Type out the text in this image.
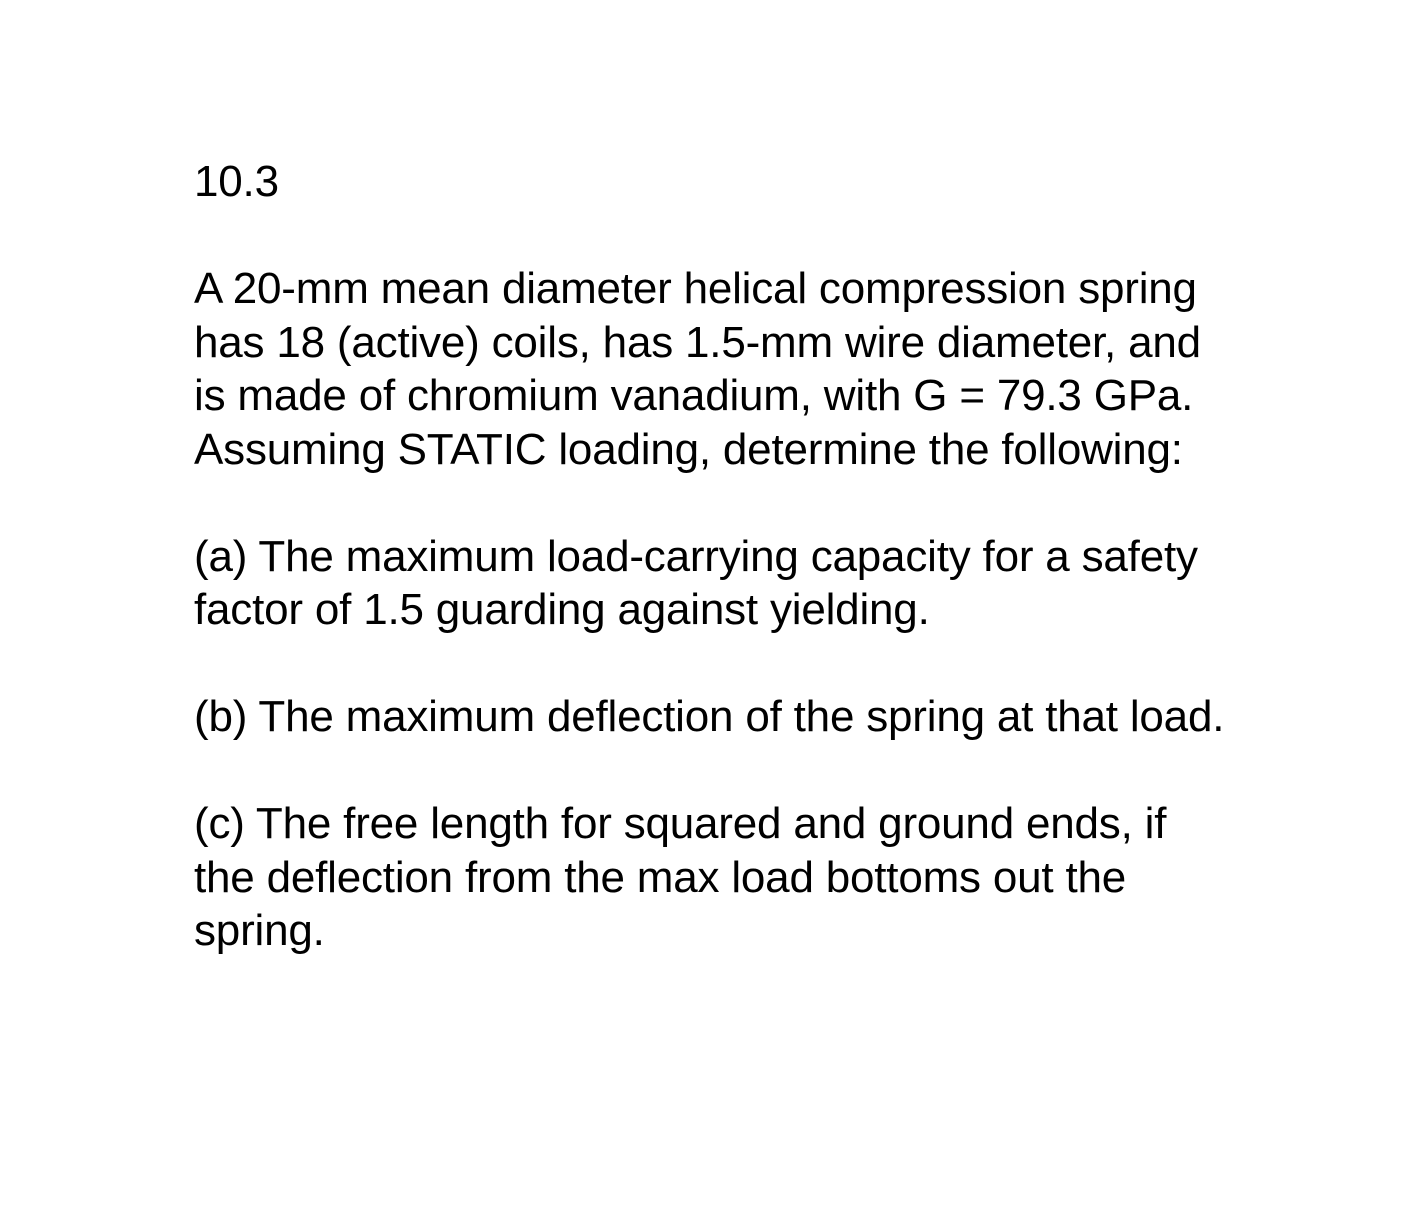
10.3
A 20-mm mean diameter helical compression spring
has 18 (active) coils, has 1.5-mm wire diameter, and
is made of chromium vanadium, with G = 79.3 GPa.
Assuming STATIC loading, determine the following:
(a) The maximum load-carrying capacity for a safety
factor of 1.5 guarding against yielding.
(b) The maximum deflection of the spring at that load.
(c) The free length for squared and ground ends, if
the deflection from the max load bottoms out the
spring.
